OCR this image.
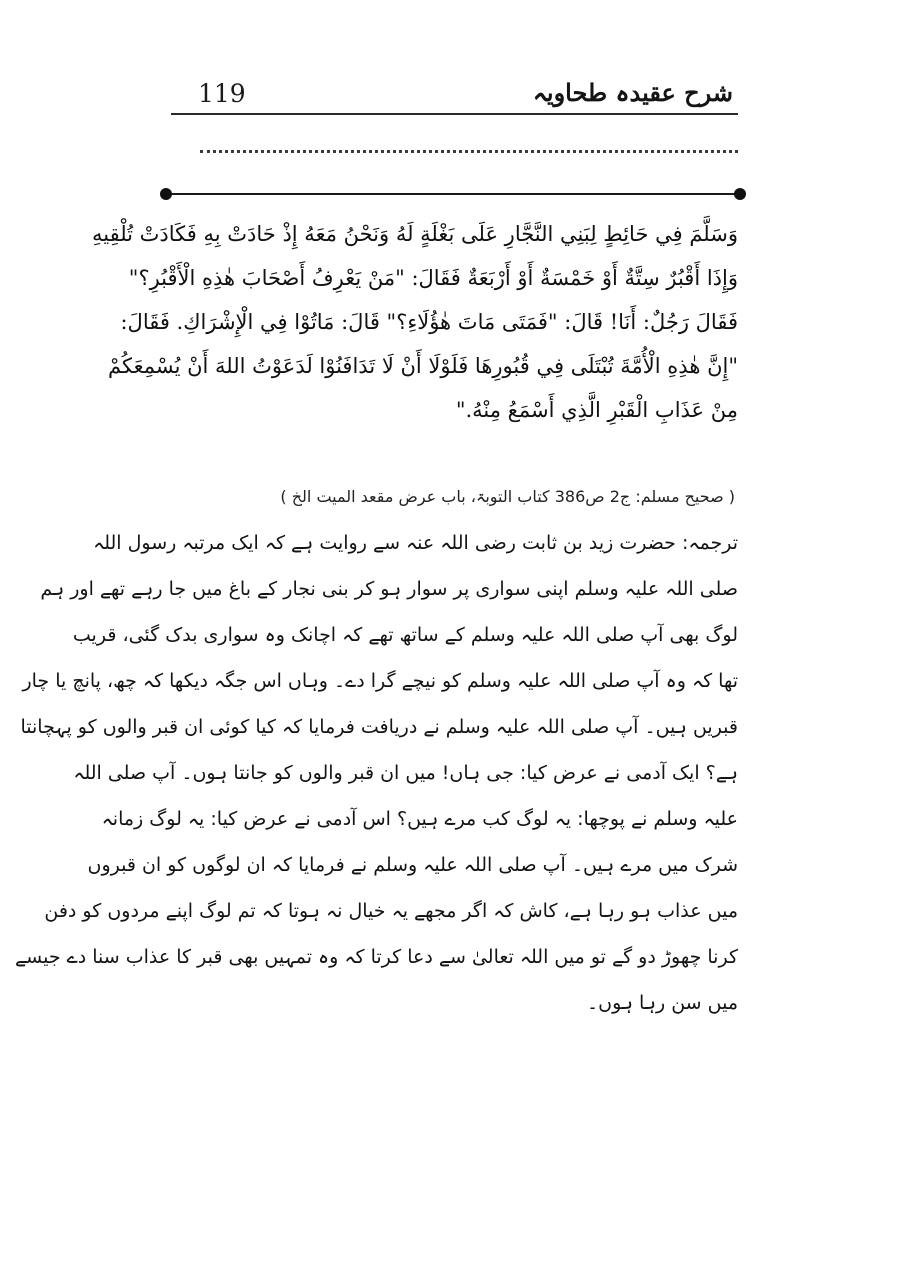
119	شرح عقیدہ طحاویہ
وَسَلَّمَ فِي حَائِطٍ لِبَنِي النَّجَّارِ عَلَى بَغْلَةٍ لَهُ وَنَحْنُ مَعَهُ إِذْ حَادَتْ بِهِ فَكَادَتْ تُلْقِيهِ
وَإِذَا أَقْبُرٌ سِتَّةٌ أَوْ خَمْسَةٌ أَوْ أَرْبَعَةٌ فَقَالَ: "مَنْ يَعْرِفُ أَصْحَابَ هٰذِهِ الْأَقْبُرِ؟"
فَقَالَ رَجُلٌ: أَنَا! قَالَ: "فَمَتَى مَاتَ هٰؤُلَاءِ؟" قَالَ: مَاتُوْا فِي الْإِشْرَاكِ. فَقَالَ:
"إِنَّ هٰذِهِ الْأُمَّةَ تُبْتَلَى فِي قُبُورِهَا فَلَوْلَا أَنْ لَا تَدَافَنُوْا لَدَعَوْتُ اللهَ أَنْ يُسْمِعَكُمْ
مِنْ عَذَابِ الْقَبْرِ الَّذِي أَسْمَعُ مِنْهُ."
( صحیح مسلم: ج2 ص386 کتاب التوبۃ، باب عرض مقعد المیت الخ )
ترجمہ: حضرت زید بن ثابت رضی اللہ عنہ سے روایت ہے کہ ایک مرتبہ رسول اللہ
صلی اللہ علیہ وسلم اپنی سواری پر سوار ہو کر بنی نجار کے باغ میں جا رہے تھے اور ہم
لوگ بھی آپ صلی اللہ علیہ وسلم کے ساتھ تھے کہ اچانک وہ سواری بدک گئی، قریب
تھا کہ وہ آپ صلی اللہ علیہ وسلم کو نیچے گرا دے۔ وہاں اس جگہ دیکھا کہ چھ، پانچ یا چار
قبریں ہیں۔ آپ صلی اللہ علیہ وسلم نے دریافت فرمایا کہ کیا کوئی ان قبر والوں کو پہچانتا
ہے؟ ایک آدمی نے عرض کیا: جی ہاں! میں ان قبر والوں کو جانتا ہوں۔ آپ صلی اللہ
علیہ وسلم نے پوچھا: یہ لوگ کب مرے ہیں؟ اس آدمی نے عرض کیا: یہ لوگ زمانہ
شرک میں مرے ہیں۔ آپ صلی اللہ علیہ وسلم نے فرمایا کہ ان لوگوں کو ان قبروں
میں عذاب ہو رہا ہے، کاش کہ اگر مجھے یہ خیال نہ ہوتا کہ تم لوگ اپنے مردوں کو دفن
کرنا چھوڑ دو گے تو میں اللہ تعالیٰ سے دعا کرتا کہ وہ تمہیں بھی قبر کا عذاب سنا دے جیسے
میں سن رہا ہوں۔
